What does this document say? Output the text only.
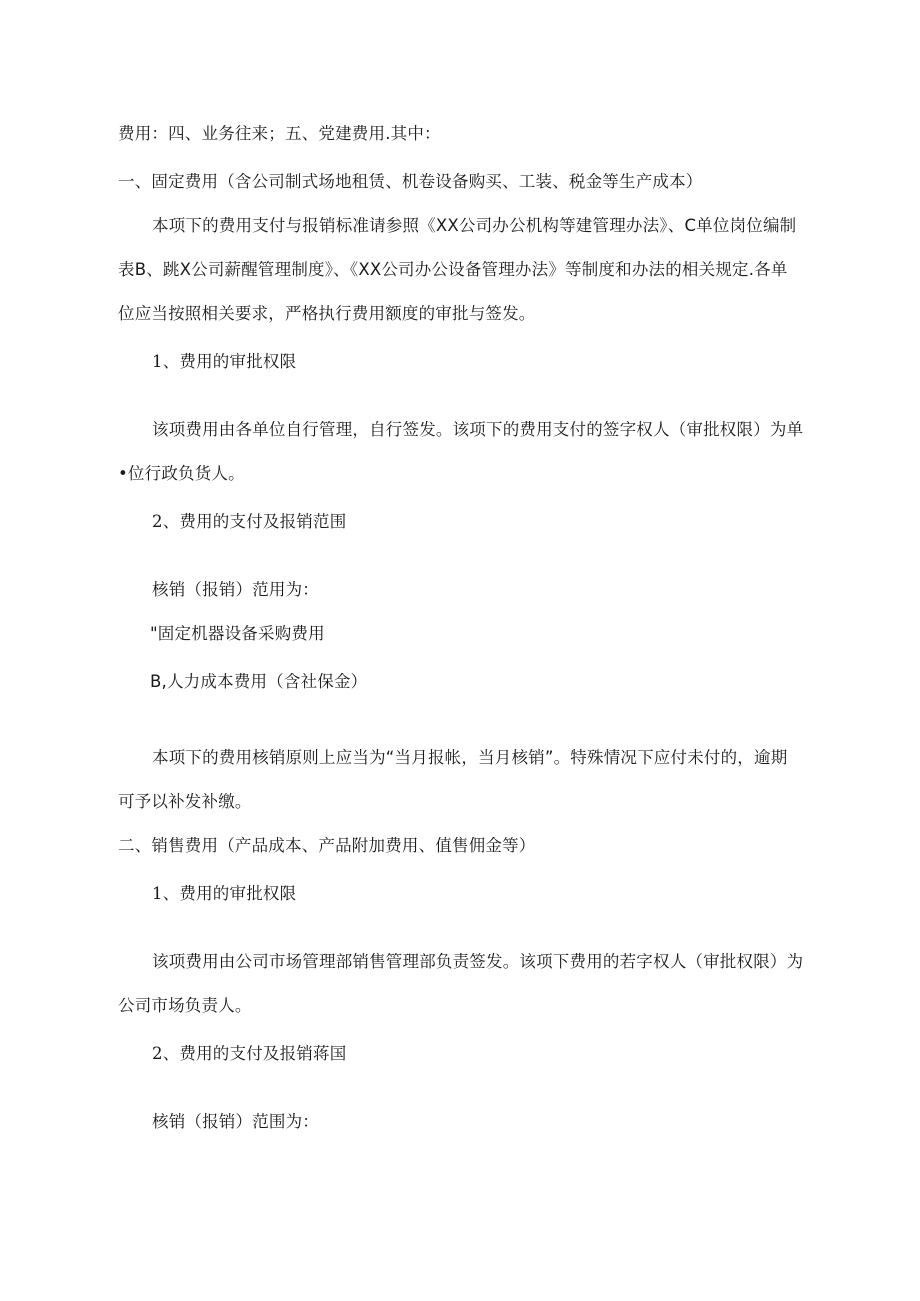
费用：四、业务往来；五、党建费用.其中：
一、固定费用（含公司制式场地租赁、机卷设备购买、工装、税金等生产成本）
本项下的费用支付与报销标准请参照《XX公司办公机构等建管理办法》、C单位岗位编制
表B、跳X公司薪醒管理制度》、《XX公司办公设备管理办法》等制度和办法的相关规定.各单
位应当按照相关要求，严格执行费用额度的审批与签发。
1、费用的审批权限
该项费用由各单位自行管理，自行签发。该项下的费用支付的签字权人（审批权限）为单
•位行政负货人。
2、费用的支付及报销范围
核销（报销）范用为：
"固定机器设备采购费用
B,人力成本费用（含社保金）
本项下的费用核销原则上应当为“当月报帐，当月核销”。特殊情况下应付未付的，逾期
可予以补发补缴。
二、销售费用（产品成本、产品附加费用、值售佣金等）
1、费用的审批权限
该项费用由公司市场管理部销售管理部负责签发。该项下费用的若字权人（审批权限）为
公司市场负责人。
2、费用的支付及报销蒋国
核销（报销）范围为：
